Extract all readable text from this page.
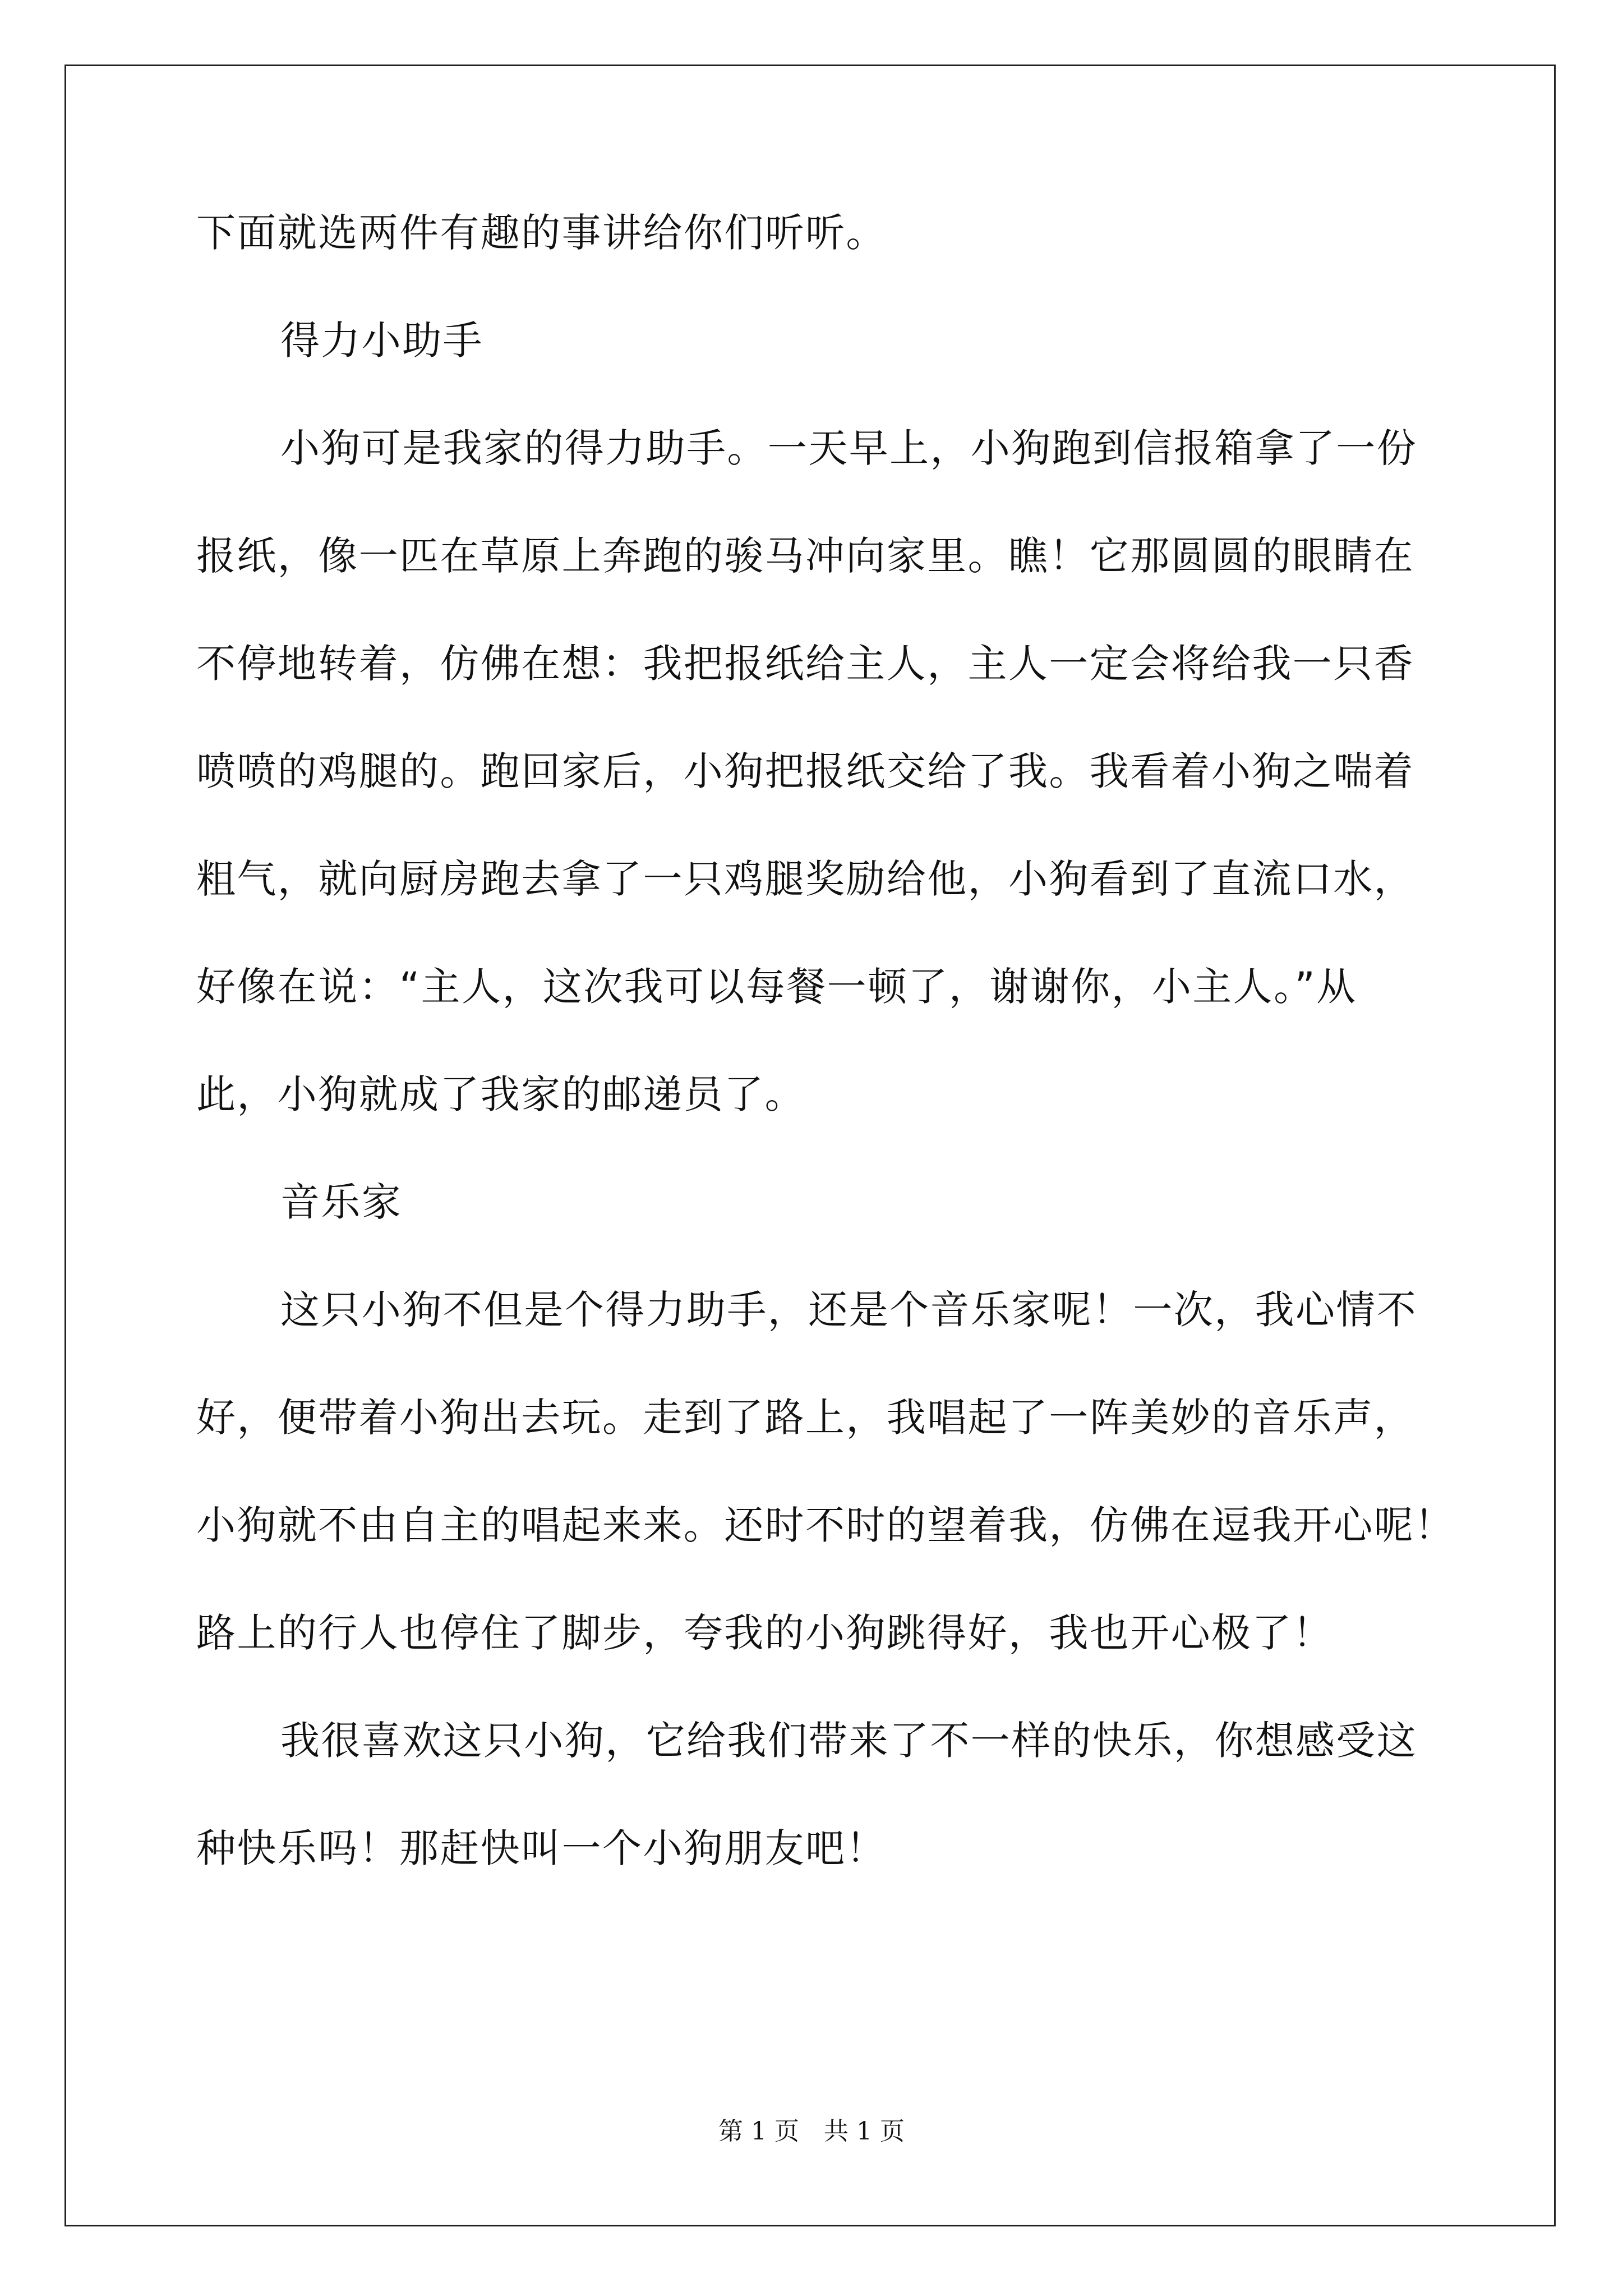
下面就选两件有趣的事讲给你们听听。
得力小助手
小狗可是我家的得力助手。一天早上，小狗跑到信报箱拿了一份
报纸，像一匹在草原上奔跑的骏马冲向家里。瞧！它那圆圆的眼睛在
不停地转着，仿佛在想：我把报纸给主人，主人一定会将给我一只香
喷喷的鸡腿的。跑回家后，小狗把报纸交给了我。我看着小狗之喘着
粗气，就向厨房跑去拿了一只鸡腿奖励给他，小狗看到了直流口水，
好像在说：“主人，这次我可以每餐一顿了，谢谢你，小主人。”从
此，小狗就成了我家的邮递员了。
音乐家
这只小狗不但是个得力助手，还是个音乐家呢！一次，我心情不
好，便带着小狗出去玩。走到了路上，我唱起了一阵美妙的音乐声，
小狗就不由自主的唱起来来。还时不时的望着我，仿佛在逗我开心呢！
路上的行人也停住了脚步，夸我的小狗跳得好，我也开心极了！
我很喜欢这只小狗，它给我们带来了不一样的快乐，你想感受这
种快乐吗！那赶快叫一个小狗朋友吧！
第 1 页　共 1 页
